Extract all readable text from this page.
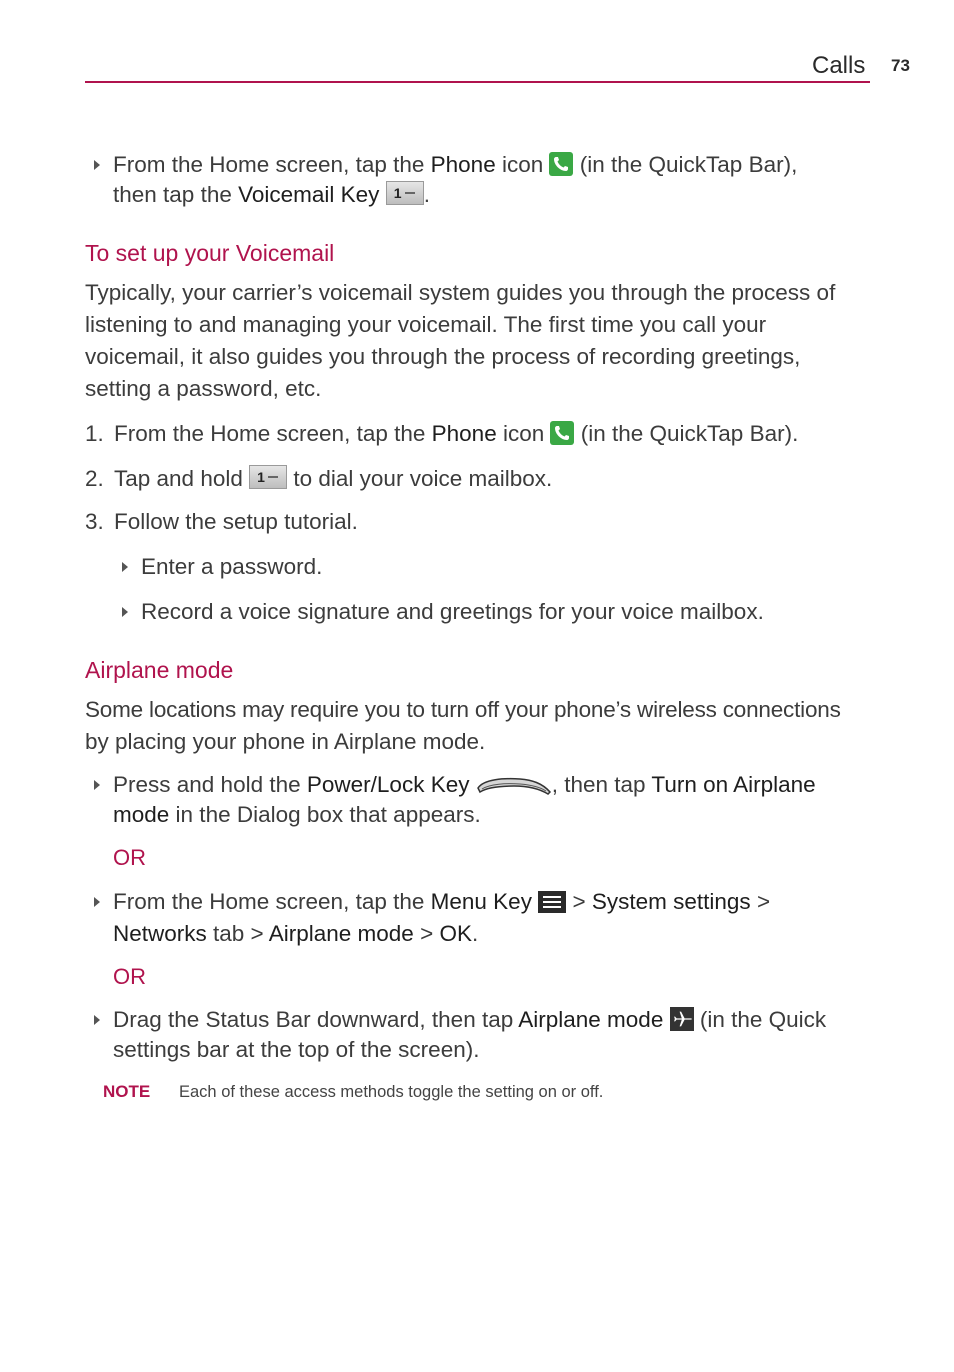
Calls 73

From the Home screen, tap the Phone icon  (in the QuickTap Bar),

then tap the Voicemail Key 1 .

To set up your Voicemail

Typically, your carrier’s voicemail system guides you through the process of

listening to and managing your voicemail. The first time you call your

voicemail, it also guides you through the process of recording greetings,

setting a password, etc.

1. From the Home screen, tap the Phone icon  (in the QuickTap Bar).

2. Tap and hold 1 to dial your voice mailbox.

3. Follow the setup tutorial.

Enter a password.

Record a voice signature and greetings for your voice mailbox.

Airplane mode

Some locations may require you to turn off your phone’s wireless connections

by placing your phone in Airplane mode.

Press and hold the Power/Lock Key	, then tap Turn on Airplane

mode in the Dialog box that appears.

OR

From the Home screen, tap the Menu Key
> System settings >

Networks tab > Airplane mode > OK.

OR

Drag the Status Bar downward, then tap Airplane mode  (in the Quick

settings bar at the top of the screen).

NOTE Each of these access methods toggle the setting on or off.
